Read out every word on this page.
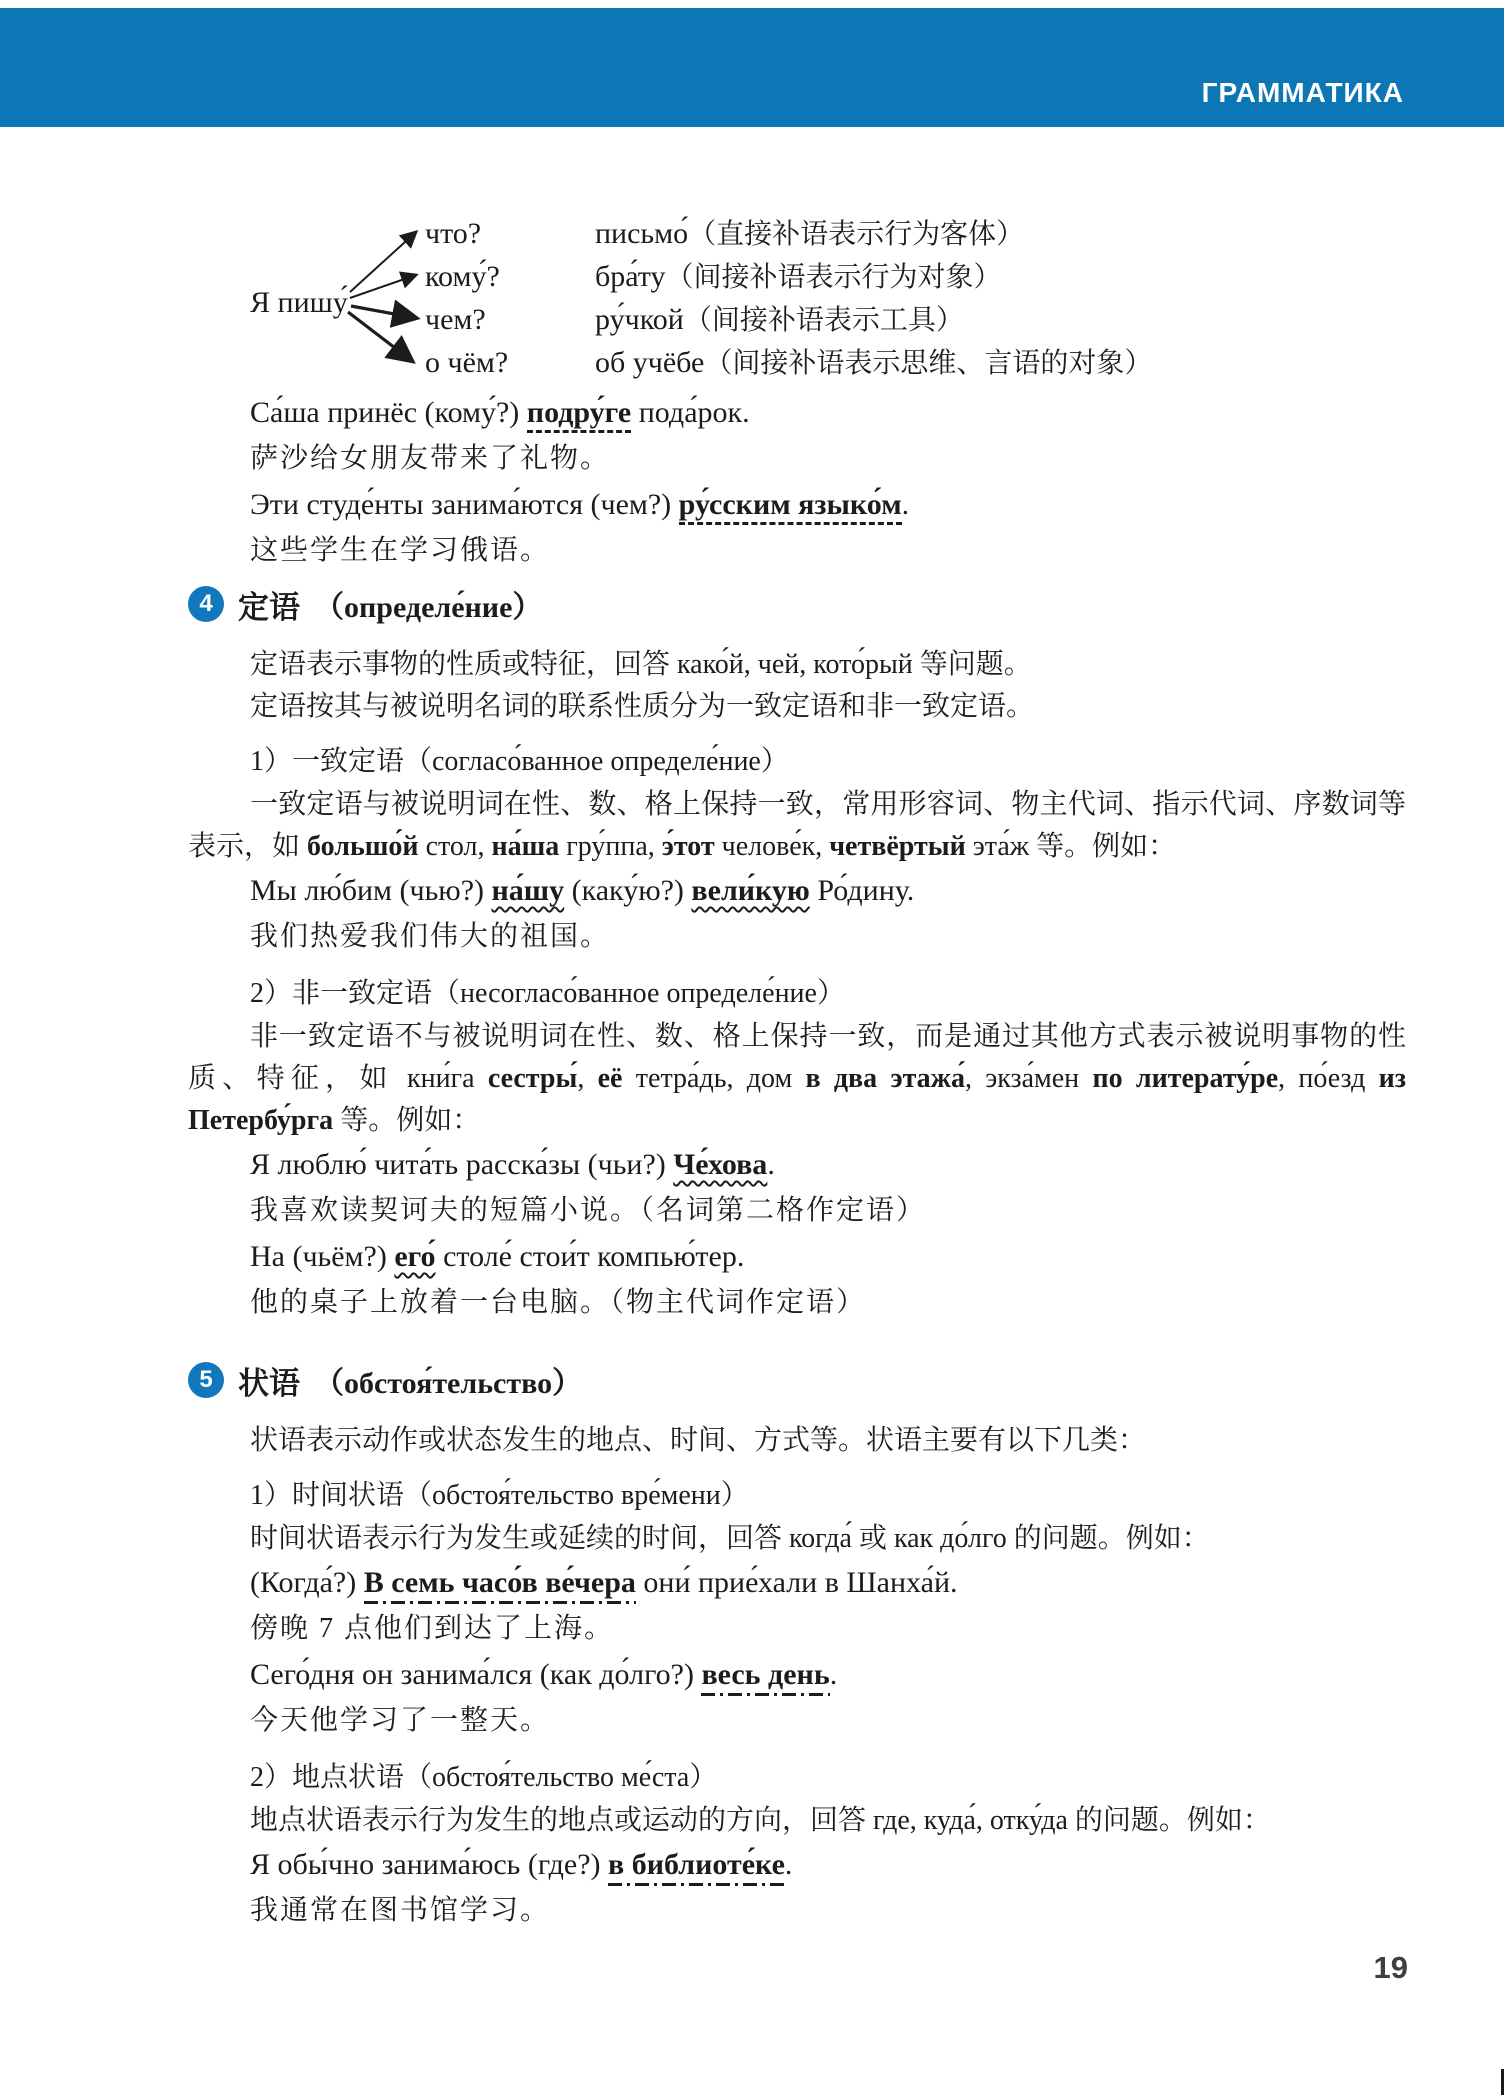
ГРАММАТИКА
Я пишу́
что?	письмо́（直接补语表示行为客体）
кому́?	бра́ту（间接补语表示行为对象）
чем?	ру́чкой（间接补语表示工具）
о чём?	об учёбе（间接补语表示思维、言语的对象）

Са́ша принёс (кому́?) подру́ге пода́рок.

萨沙给女朋友带来了礼物。

Эти студе́нты занима́ются (чем?) ру́сским языко́м.

这些学生在学习俄语。

4 定语 （определе́ние）

定语表示事物的性质或特征，回答 како́й, чей, кото́рый 等问题。

定语按其与被说明名词的联系性质分为一致定语和非一致定语。

1）一致定语（согласо́ванное определе́ние）

一致定语与被说明词在性、数、格上保持一致，常用形容词、物主代词、指示代词、序数词等表示，如 большо́й стол, на́ша гру́ппа, э́тот челове́к, четвёртый эта́ж 等。例如：

Мы лю́бим (чью?) на́шу (каку́ю?) вели́кую Ро́дину.

我们热爱我们伟大的祖国。

2）非一致定语（несогласо́ванное определе́ние）

非一致定语不与被说明词在性、数、格上保持一致，而是通过其他方式表示被说明事物的性质、特征，如 кни́га сестры́, её тетра́дь, дом в два этажа́, экза́мен по литерату́ре, по́езд из Петербу́рга 等。例如：

Я люблю́ чита́ть расска́зы (чьи?) Че́хова.

我喜欢读契诃夫的短篇小说。（名词第二格作定语）

На (чьём?) его́ столе́ стои́т компью́тер.

他的桌子上放着一台电脑。（物主代词作定语）

5 状语 （обстоя́тельство）

状语表示动作或状态发生的地点、时间、方式等。状语主要有以下几类：

1）时间状语（обстоя́тельство вре́мени）

时间状语表示行为发生或延续的时间，回答 когда́ 或 как до́лго 的问题。例如：

(Когда́?) В семь часо́в ве́чера они́ прие́хали в Шанха́й.

傍晚 7 点他们到达了上海。

Сего́дня он занима́лся (как до́лго?) весь день.

今天他学习了一整天。

2）地点状语（обстоя́тельство ме́ста）

地点状语表示行为发生的地点或运动的方向，回答 где, куда́, отку́да 的问题。例如：

Я обы́чно занима́юсь (где?) в библиоте́ке.

我通常在图书馆学习。

19
